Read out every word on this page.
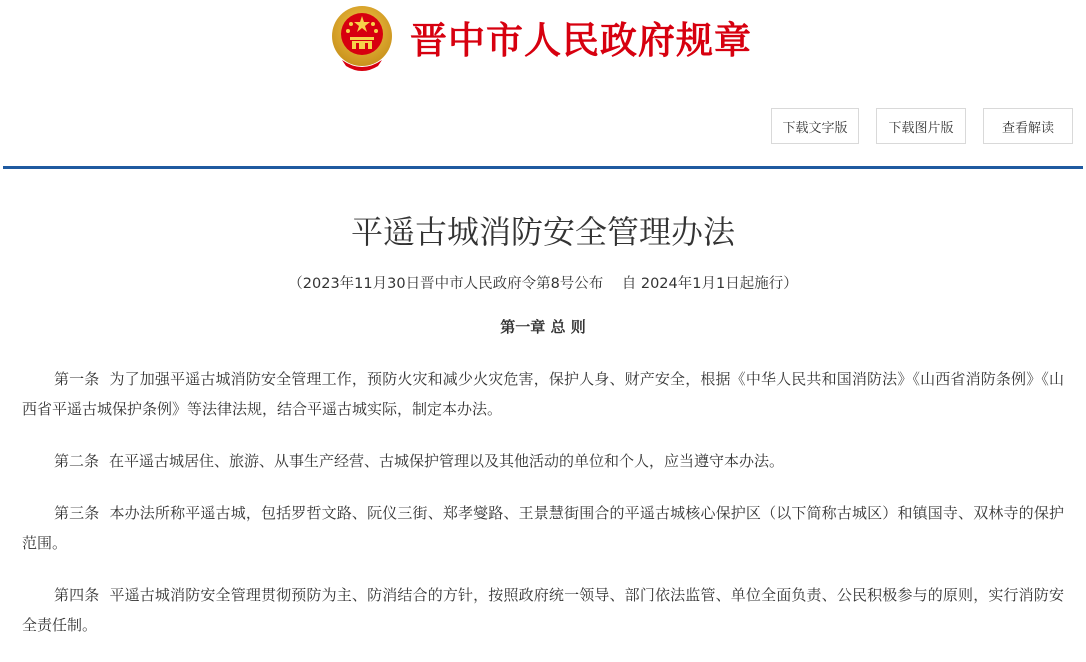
晋中市人民政府规章
下载文字版	下载图片版	查看解读
平遥古城消防安全管理办法
（2023年11月30日晋中市人民政府令第8号公布    自 2024年1月1日起施行）
第一章 总 则

第一条 为了加强平遥古城消防安全管理工作，预防火灾和减少火灾危害，保护人身、财产安全，根据《中华人民共和国消防法》《山西省消防条例》《山西省平遥古城保护条例》等法律法规，结合平遥古城实际，制定本办法。

第二条 在平遥古城居住、旅游、从事生产经营、古城保护管理以及其他活动的单位和个人，应当遵守本办法。

第三条 本办法所称平遥古城，包括罗哲文路、阮仪三街、郑孝燮路、王景慧街围合的平遥古城核心保护区（以下简称古城区）和镇国寺、双林寺的保护范围。

第四条 平遥古城消防安全管理贯彻预防为主、防消结合的方针，按照政府统一领导、部门依法监管、单位全面负责、公民积极参与的原则，实行消防安全责任制。
